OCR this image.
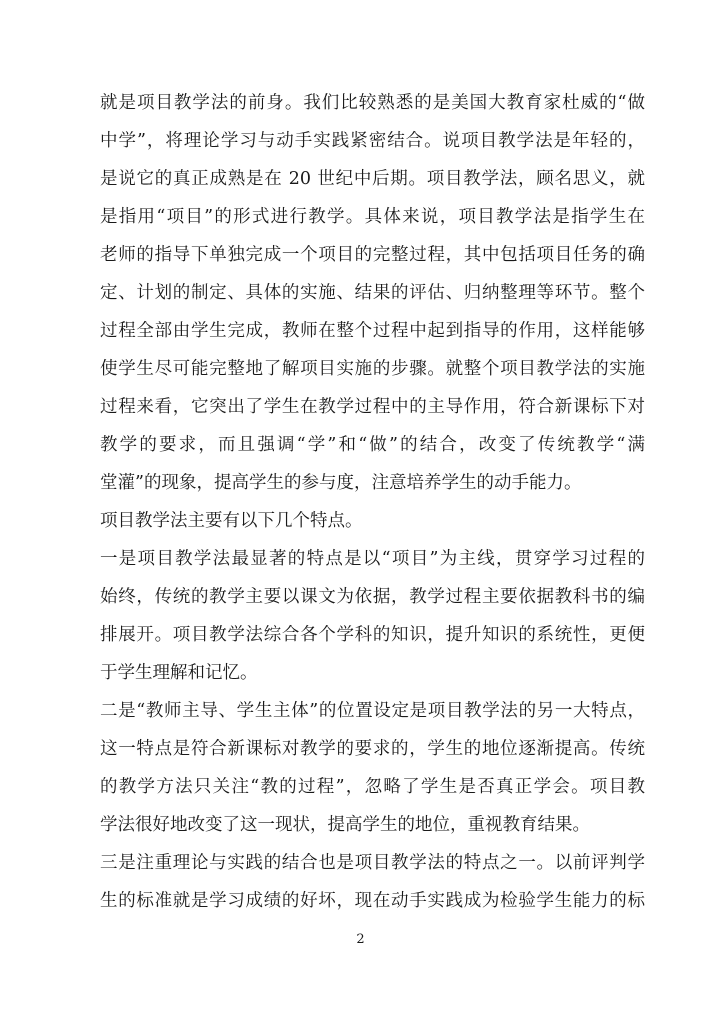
就是项目教学法的前身。我们比较熟悉的是美国大教育家杜威的“做
中学”，将理论学习与动手实践紧密结合。说项目教学法是年轻的，
是说它的真正成熟是在 20 世纪中后期。项目教学法，顾名思义，就
是指用“项目”的形式进行教学。具体来说，项目教学法是指学生在
老师的指导下单独完成一个项目的完整过程，其中包括项目任务的确
定、计划的制定、具体的实施、结果的评估、归纳整理等环节。整个
过程全部由学生完成，教师在整个过程中起到指导的作用，这样能够
使学生尽可能完整地了解项目实施的步骤。就整个项目教学法的实施
过程来看，它突出了学生在教学过程中的主导作用，符合新课标下对
教学的要求，而且强调“学”和“做”的结合，改变了传统教学“满
堂灌”的现象，提高学生的参与度，注意培养学生的动手能力。
项目教学法主要有以下几个特点。
一是项目教学法最显著的特点是以“项目”为主线，贯穿学习过程的
始终，传统的教学主要以课文为依据，教学过程主要依据教科书的编
排展开。项目教学法综合各个学科的知识，提升知识的系统性，更便
于学生理解和记忆。
二是“教师主导、学生主体”的位置设定是项目教学法的另一大特点，
这一特点是符合新课标对教学的要求的，学生的地位逐渐提高。传统
的教学方法只关注“教的过程”，忽略了学生是否真正学会。项目教
学法很好地改变了这一现状，提高学生的地位，重视教育结果。
三是注重理论与实践的结合也是项目教学法的特点之一。以前评判学
生的标准就是学习成绩的好坏，现在动手实践成为检验学生能力的标
2
